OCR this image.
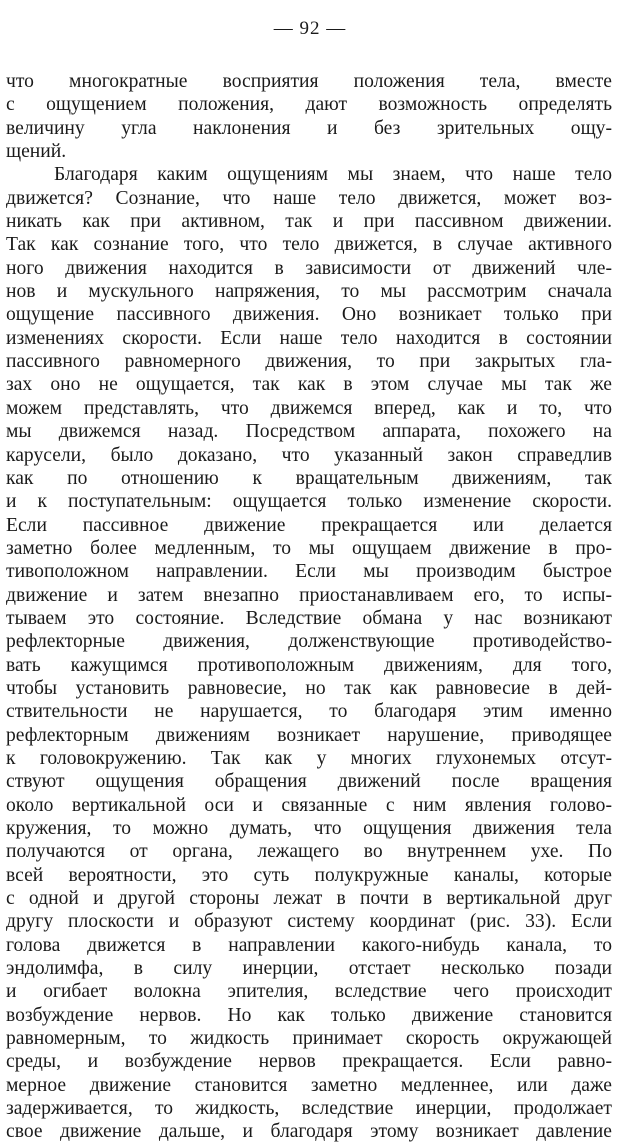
— 92 —
что многократные восприятия положения тела, вместе
с ощущением положения, дают возможность определять
величину угла наклонения и без зрительных ощу-
щений.
Благодаря каким ощущениям мы знаем, что наше тело
движется? Сознание, что наше тело движется, может воз-
никать как при активном, так и при пассивном движении.
Так как сознание того, что тело движется, в случае активного
ного движения находится в зависимости от движений чле-
нов и мускульного напряжения, то мы рассмотрим сначала
ощущение пассивного движения. Оно возникает только при
изменениях скорости. Если наше тело находится в состоянии
пассивного равномерного движения, то при закрытых гла-
зах оно не ощущается, так как в этом случае мы так же
можем представлять, что движемся вперед, как и то, что
мы движемся назад. Посредством аппарата, похожего на
карусели, было доказано, что указанный закон справедлив
как по отношению к вращательным движениям, так
и к поступательным: ощущается только изменение скорости.
Если пассивное движение прекращается или делается
заметно более медленным, то мы ощущаем движение в про-
тивоположном направлении. Если мы производим быстрое
движение и затем внезапно приостанавливаем его, то испы-
тываем это состояние. Вследствие обмана у нас возникают
рефлекторные движения, долженствующие противодейство-
вать кажущимся противоположным движениям, для того,
чтобы установить равновесие, но так как равновесие в дей-
ствительности не нарушается, то благодаря этим именно
рефлекторным движениям возникает нарушение, приводящее
к головокружению. Так как у многих глухонемых отсут-
ствуют ощущения обращения движений после вращения
около вертикальной оси и связанные с ним явления голово-
кружения, то можно думать, что ощущения движения тела
получаются от органа, лежащего во внутреннем ухе. По
всей вероятности, это суть полукружные каналы, которые
с одной и другой стороны лежат в почти в вертикальной друг
другу плоскости и образуют систему координат (рис. 33). Если
голова движется в направлении какого-нибудь канала, то
эндолимфа, в силу инерции, отстает несколько позади
и огибает волокна эпителия, вследствие чего происходит
возбуждение нервов. Но как только движение становится
равномерным, то жидкость принимает скорость окружающей
среды, и возбуждение нервов прекращается. Если равно-
мерное движение становится заметно медленнее, или даже
задерживается, то жидкость, вследствие инерции, продолжает
свое движение дальше, и благодаря этому возникает давление
